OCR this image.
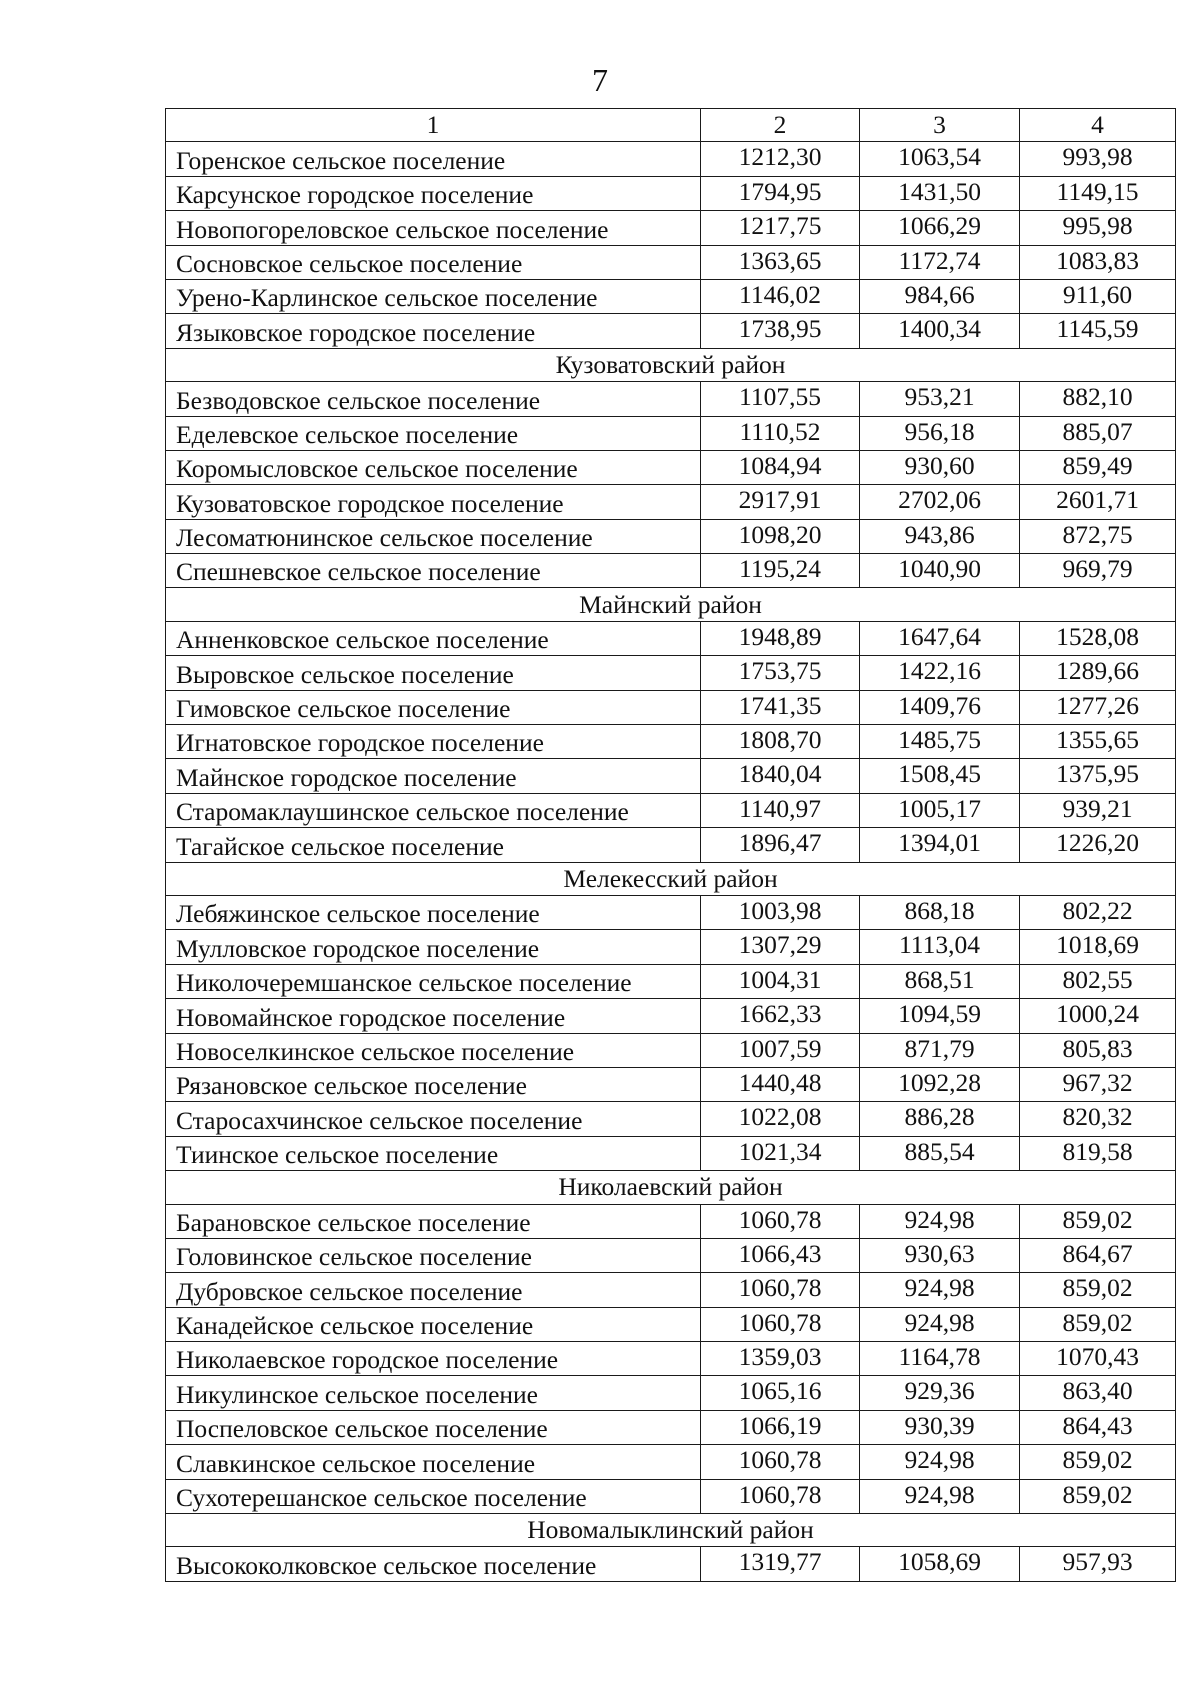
7
1	2	3	4
Горенское сельское поселение	1212,30	1063,54	993,98
Карсунское городское поселение	1794,95	1431,50	1149,15
Новопогореловское сельское поселение	1217,75	1066,29	995,98
Сосновское сельское поселение	1363,65	1172,74	1083,83
Урено-Карлинское сельское поселение	1146,02	984,66	911,60
Языковское городское поселение	1738,95	1400,34	1145,59
Кузоватовский район			
Безводовское сельское поселение	1107,55	953,21	882,10
Еделевское сельское поселение	1110,52	956,18	885,07
Коромысловское сельское поселение	1084,94	930,60	859,49
Кузоватовское городское поселение	2917,91	2702,06	2601,71
Лесоматюнинское сельское поселение	1098,20	943,86	872,75
Спешневское сельское поселение	1195,24	1040,90	969,79
Майнский район			
Анненковское сельское поселение	1948,89	1647,64	1528,08
Выровское сельское поселение	1753,75	1422,16	1289,66
Гимовское сельское поселение	1741,35	1409,76	1277,26
Игнатовское городское поселение	1808,70	1485,75	1355,65
Майнское городское поселение	1840,04	1508,45	1375,95
Старомаклаушинское сельское поселение	1140,97	1005,17	939,21
Тагайское сельское поселение	1896,47	1394,01	1226,20
Мелекесский район			
Лебяжинское сельское поселение	1003,98	868,18	802,22
Мулловское городское поселение	1307,29	1113,04	1018,69
Николочеремшанское сельское поселение	1004,31	868,51	802,55
Новомайнское городское поселение	1662,33	1094,59	1000,24
Новоселкинское сельское поселение	1007,59	871,79	805,83
Рязановское сельское поселение	1440,48	1092,28	967,32
Старосахчинское сельское поселение	1022,08	886,28	820,32
Тиинское сельское поселение	1021,34	885,54	819,58
Николаевский район			
Барановское сельское поселение	1060,78	924,98	859,02
Головинское сельское поселение	1066,43	930,63	864,67
Дубровское сельское поселение	1060,78	924,98	859,02
Канадейское сельское поселение	1060,78	924,98	859,02
Николаевское городское поселение	1359,03	1164,78	1070,43
Никулинское сельское поселение	1065,16	929,36	863,40
Поспеловское сельское поселение	1066,19	930,39	864,43
Славкинское сельское поселение	1060,78	924,98	859,02
Сухотерешанское сельское поселение	1060,78	924,98	859,02
Новомалыклинский район			
Высококолковское сельское поселение	1319,77	1058,69	957,93
